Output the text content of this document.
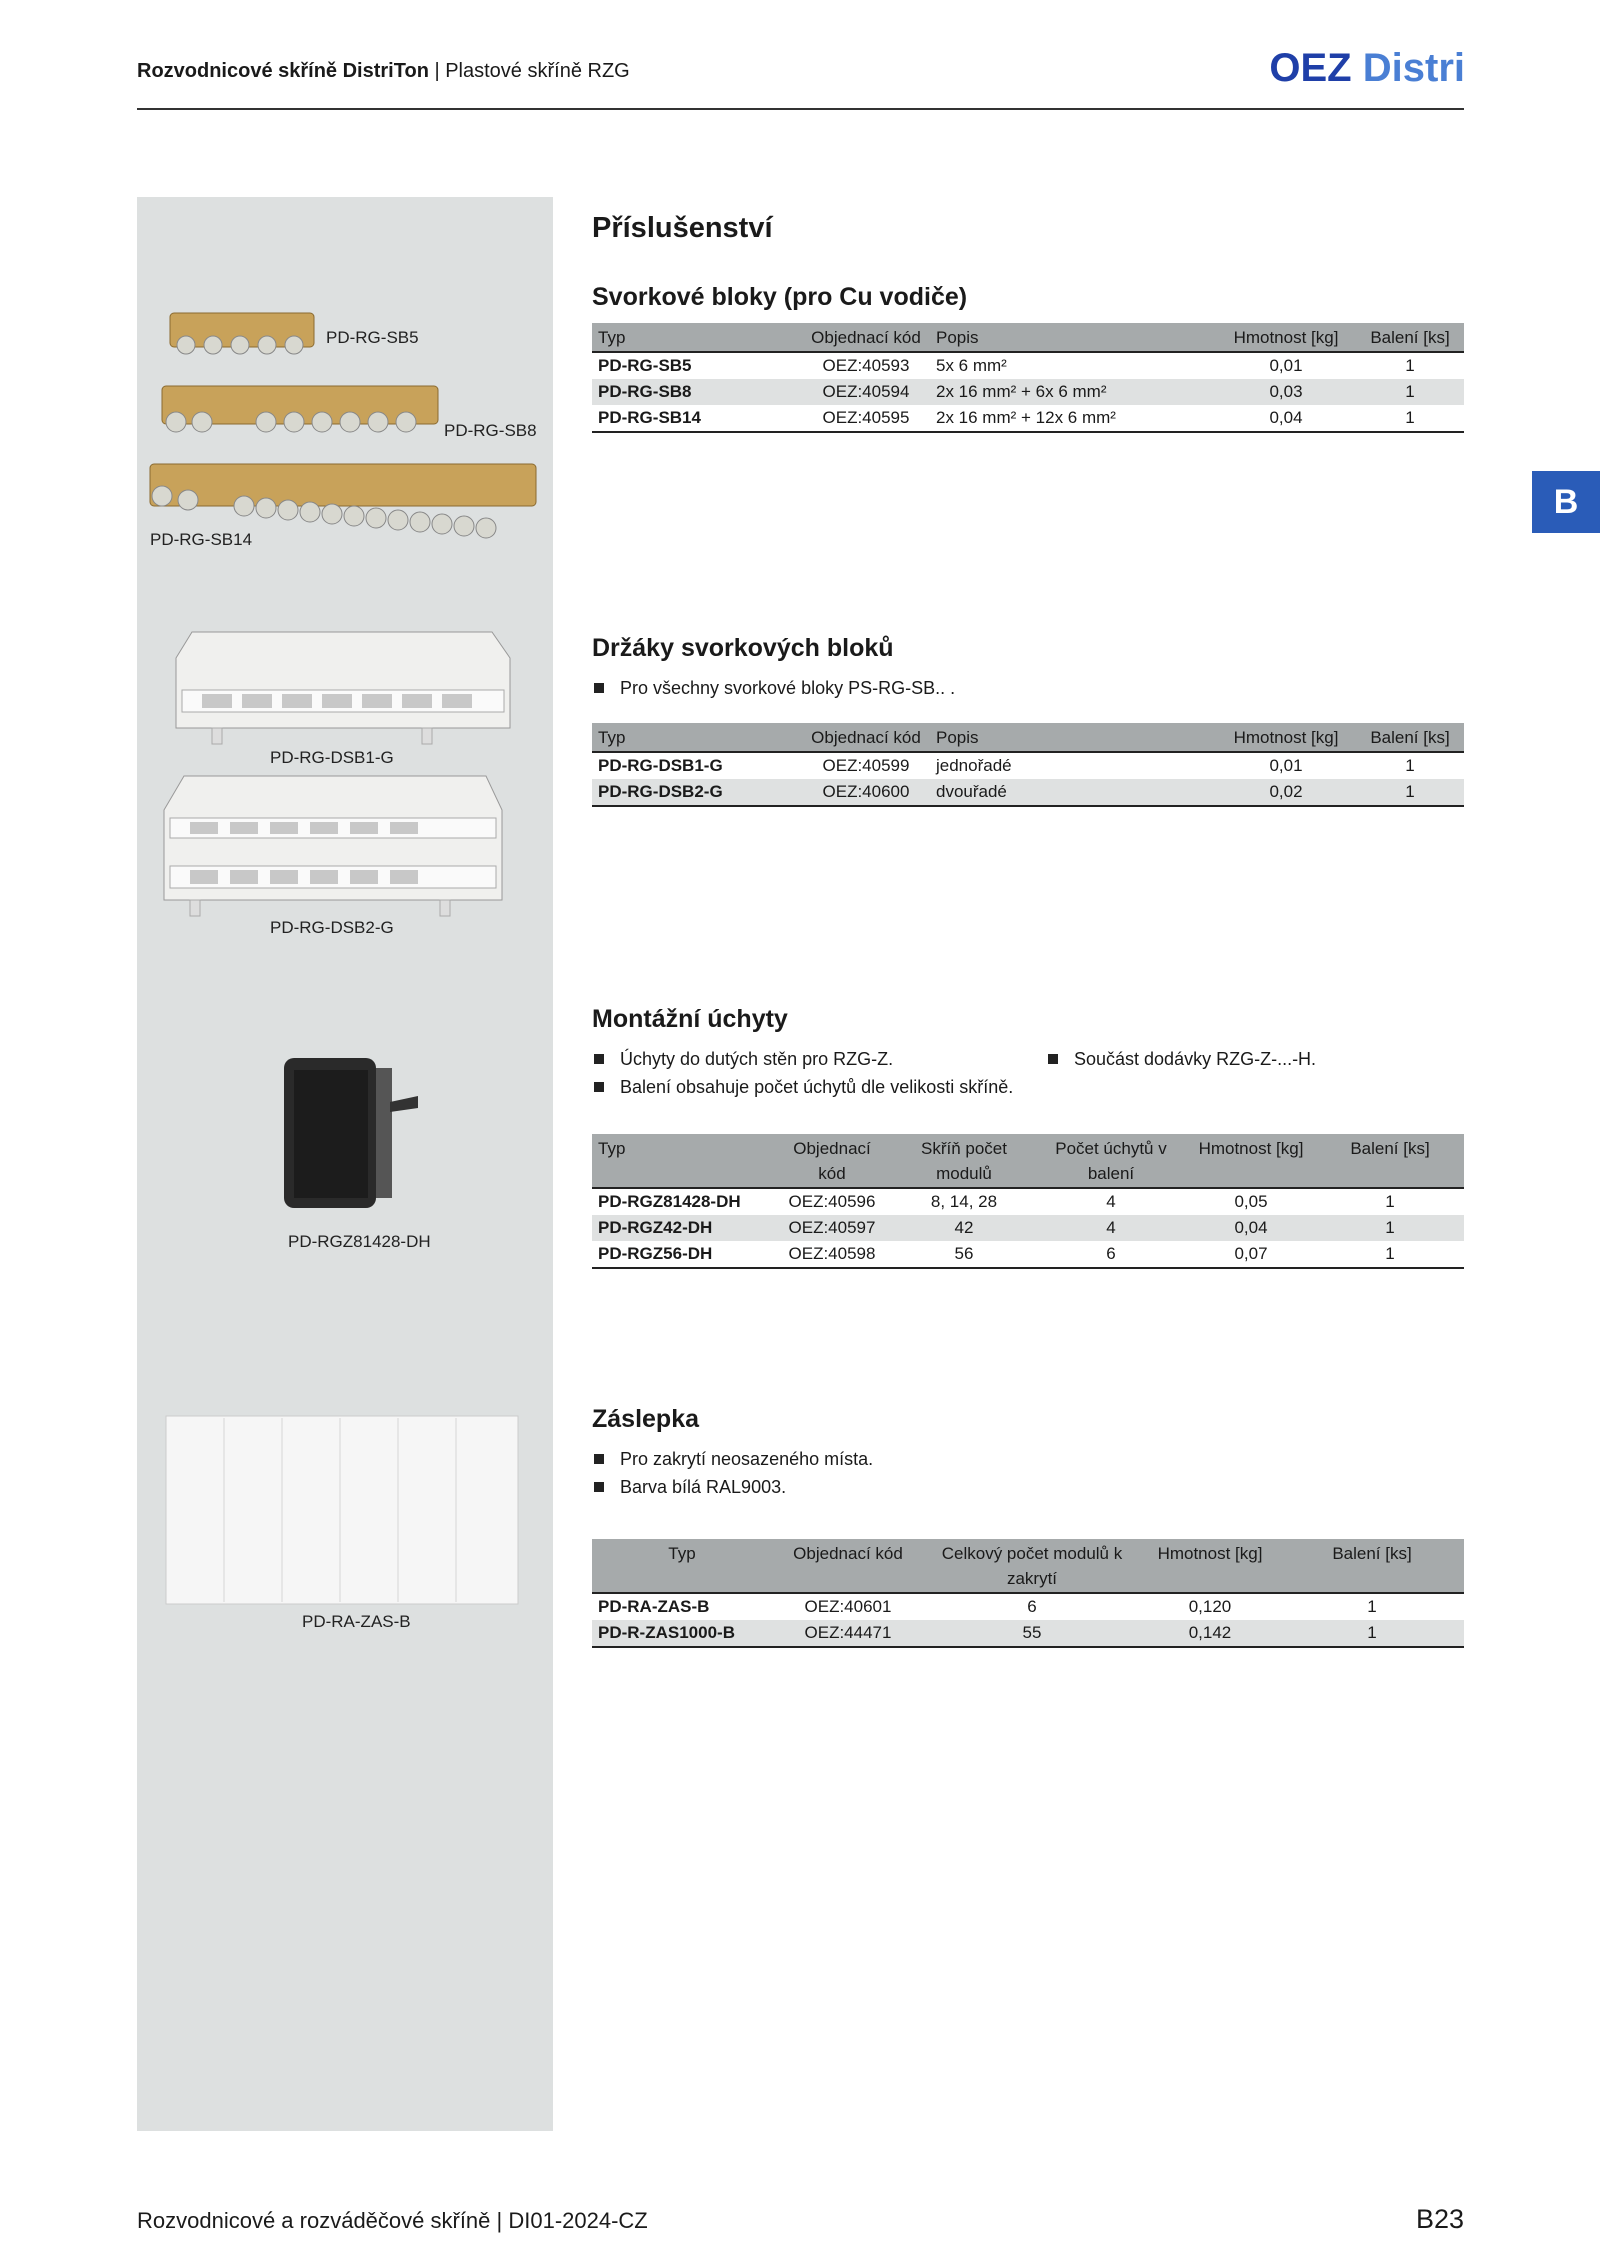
Rozvodnicové skříně DistriTon | Plastové skříně RZG	OEZ Distri
B
PD-RG-SB5
PD-RG-SB8
PD-RG-SB14
PD-RG-DSB1-G
PD-RG-DSB2-G
PD-RGZ81428-DH
PD-RA-ZAS-B
Příslušenství
Svorkové bloky (pro Cu vodiče)
Typ	Objednací kód	Popis	Hmotnost [kg]	Balení [ks]
PD-RG-SB5	OEZ:40593	5x 6 mm²	0,01	1
PD-RG-SB8	OEZ:40594	2x 16 mm² + 6x 6 mm²	0,03	1
PD-RG-SB14	OEZ:40595	2x 16 mm² + 12x 6 mm²	0,04	1
Držáky svorkových bloků
Pro všechny svorkové bloky PS-RG-SB.. .
Typ	Objednací kód	Popis	Hmotnost [kg]	Balení [ks]
PD-RG-DSB1-G	OEZ:40599	jednořadé	0,01	1
PD-RG-DSB2-G	OEZ:40600	dvouřadé	0,02	1
Montážní úchyty
Úchyty do dutých stěn pro RZG-Z.
Balení obsahuje počet úchytů dle velikosti skříně.
Součást dodávky RZG-Z-...-H.
Typ	Objednací kód	Skříň počet modulů	Počet úchytů v balení	Hmotnost [kg]	Balení [ks]
PD-RGZ81428-DH	OEZ:40596	8, 14, 28	4	0,05	1
PD-RGZ42-DH	OEZ:40597	42	4	0,04	1
PD-RGZ56-DH	OEZ:40598	56	6	0,07	1
Záslepka
Pro zakrytí neosazeného místa.
Barva bílá RAL9003.
Typ	Objednací kód	Celkový počet modulů k zakrytí	Hmotnost [kg]	Balení [ks]
PD-RA-ZAS-B	OEZ:40601	6	0,120	1
PD-R-ZAS1000-B	OEZ:44471	55	0,142	1
Rozvodnicové a rozváděčové skříně | DI01-2024-CZ	B23
